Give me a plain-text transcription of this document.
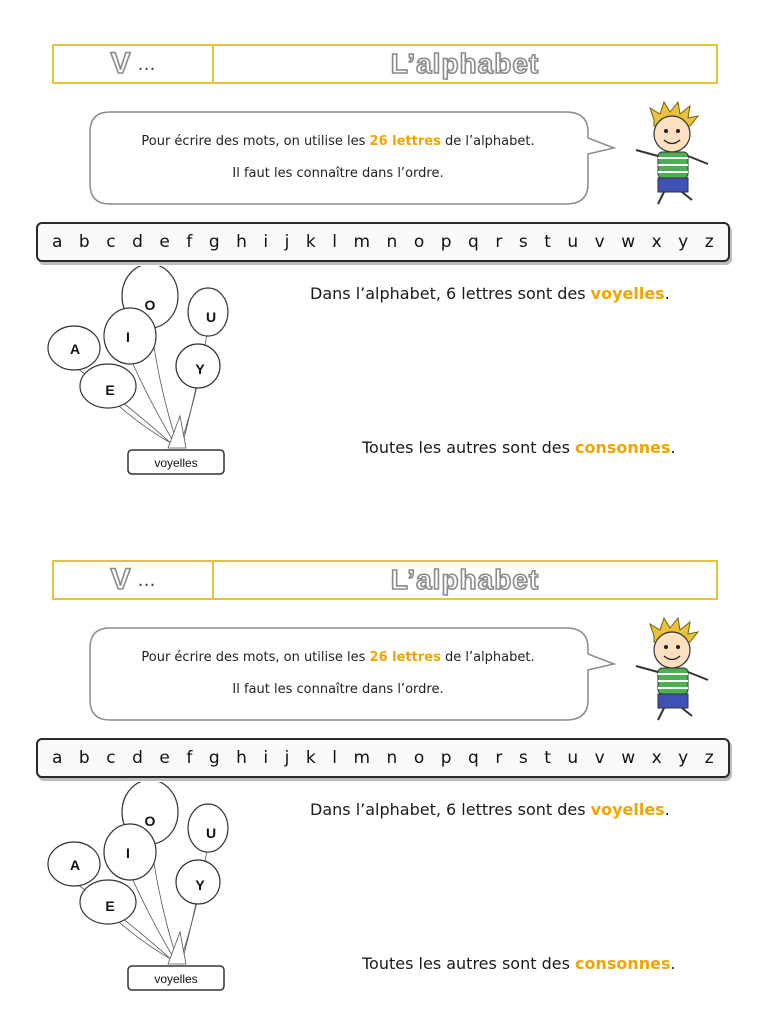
V …	L’alphabet
Pour écrire des mots, on utilise les 26 lettres de l’alphabet.
Il faut les connaître dans l’ordre.
a b c d e f g h i j k l m n o p q r s t u v w x y z
O
U
I
A
Y
E
voyelles
Dans l’alphabet, 6 lettres sont des voyelles.
Toutes les autres sont des consonnes.
V …	L’alphabet
Pour écrire des mots, on utilise les 26 lettres de l’alphabet.
Il faut les connaître dans l’ordre.
a b c d e f g h i j k l m n o p q r s t u v w x y z
O
U
I
A
Y
E
voyelles
Dans l’alphabet, 6 lettres sont des voyelles.
Toutes les autres sont des consonnes.
